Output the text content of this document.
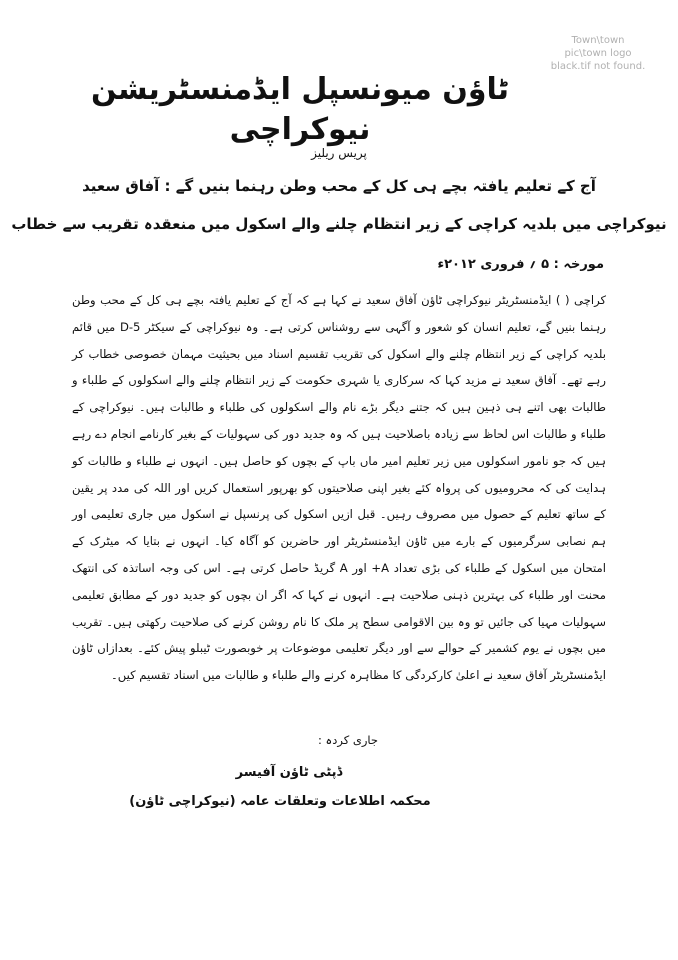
Town\town pic\town logo black.tif not found.
ٹاؤن میونسپل ایڈمنسٹریشن نیوکراچی
پریس ریلیز
آج کے تعلیم یافتہ بچے ہی کل کے محب وطن رہنما بنیں گے : آفاق سعید
نیوکراچی میں بلدیہ کراچی کے زیر انتظام چلنے والے اسکول میں منعقدہ تقریب سے خطاب
مورخہ : ۵ ؍ فروری ۲۰۱۲ء

کراچی ( ) ایڈمنسٹریٹر نیوکراچی ٹاؤن آفاق سعید نے کہا ہے کہ آج کے تعلیم یافتہ بچے ہی کل کے محب وطن رہنما بنیں گے، تعلیم انسان کو شعور و آگہی سے روشناس کرتی ہے۔ وہ نیوکراچی کے سیکٹر D-5 میں قائم بلدیہ کراچی کے زیر انتظام چلنے والے اسکول کی تقریب تقسیم اسناد میں بحیثیت مہمان خصوصی خطاب کر رہے تھے۔ آفاق سعید نے مزید کہا کہ سرکاری یا شہری حکومت کے زیر انتظام چلنے والے اسکولوں کے طلباء و طالبات بھی اتنے ہی ذہین ہیں کہ جتنے دیگر بڑے نام والے اسکولوں کی طلباء و طالبات ہیں۔ نیوکراچی کے طلباء و طالبات اس لحاظ سے زیادہ باصلاحیت ہیں کہ وہ جدید دور کی سہولیات کے بغیر کارنامے انجام دے رہے ہیں کہ جو نامور اسکولوں میں زیر تعلیم امیر ماں باپ کے بچوں کو حاصل ہیں۔ انہوں نے طلباء و طالبات کو ہدایت کی کہ محرومیوں کی پرواہ کئے بغیر اپنی صلاحیتوں کو بھرپور استعمال کریں اور اللہ کی مدد پر یقین کے ساتھ تعلیم کے حصول میں مصروف رہیں۔ قبل ازیں اسکول کی پرنسپل نے اسکول میں جاری تعلیمی اور ہم نصابی سرگرمیوں کے بارے میں ٹاؤن ایڈمنسٹریٹر اور حاضرین کو آگاہ کیا۔ انہوں نے بتایا کہ میٹرک کے امتحان میں اسکول کے طلباء کی بڑی تعداد A+ اور A گریڈ حاصل کرتی ہے۔ اس کی وجہ اساتذہ کی انتھک محنت اور طلباء کی بہترین ذہنی صلاحیت ہے۔ انہوں نے کہا کہ اگر ان بچوں کو جدید دور کے مطابق تعلیمی سہولیات مہیا کی جائیں تو وہ بین الاقوامی سطح پر ملک کا نام روشن کرنے کی صلاحیت رکھتی ہیں۔ تقریب میں بچوں نے یوم کشمیر کے حوالے سے اور دیگر تعلیمی موضوعات پر خوبصورت ٹیبلو پیش کئے۔ بعدازاں ٹاؤن ایڈمنسٹریٹر آفاق سعید نے اعلیٰ کارکردگی کا مظاہرہ کرنے والے طلباء و طالبات میں اسناد تقسیم کیں۔

جاری کردہ :
ڈپٹی ٹاؤن آفیسر
محکمہ اطلاعات وتعلقات عامہ (نیوکراچی ٹاؤن)
